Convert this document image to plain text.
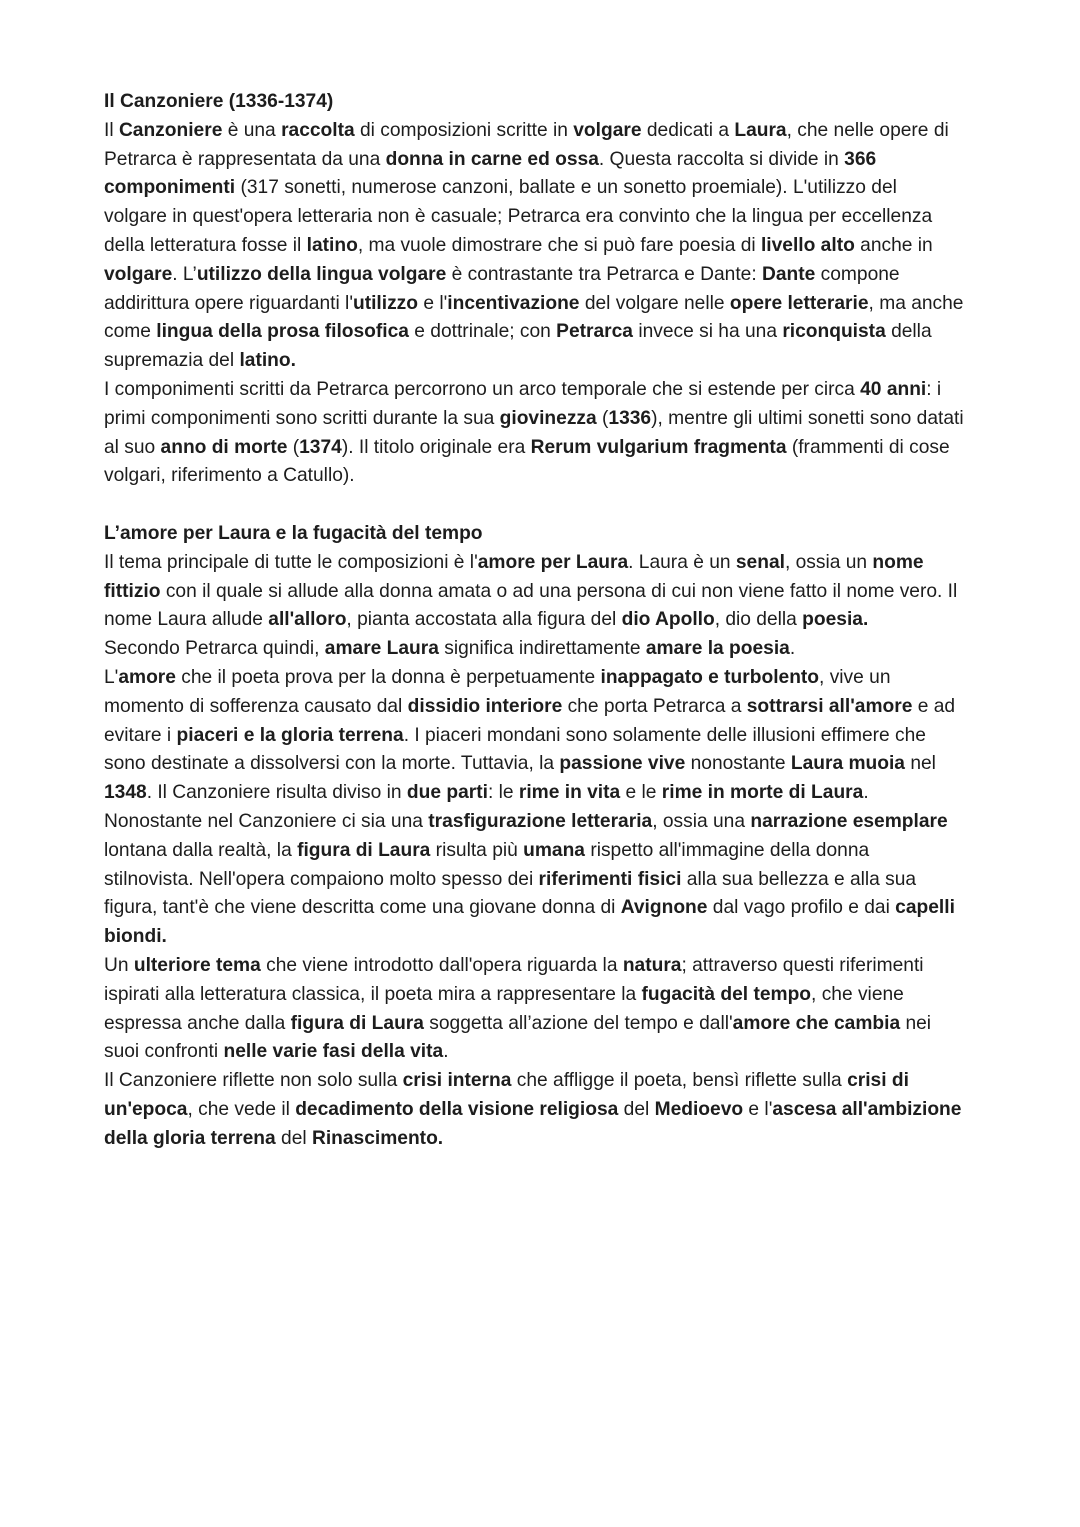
Il Canzoniere (1336-1374)

Il Canzoniere è una raccolta di composizioni scritte in volgare dedicati a Laura, che nelle opere di Petrarca è rappresentata da una donna in carne ed ossa. Questa raccolta si divide in 366 componimenti (317 sonetti, numerose canzoni, ballate e un sonetto proemiale). L'utilizzo del volgare in quest'opera letteraria non è casuale; Petrarca era convinto che la lingua per eccellenza della letteratura fosse il latino, ma vuole dimostrare che si può fare poesia di livello alto anche in volgare. L’utilizzo della lingua volgare è contrastante tra Petrarca e Dante: Dante compone addirittura opere riguardanti l'utilizzo e l'incentivazione del volgare nelle opere letterarie, ma anche come lingua della prosa filosofica e dottrinale; con Petrarca invece si ha una riconquista della supremazia del latino.

I componimenti scritti da Petrarca percorrono un arco temporale che si estende per circa 40 anni: i primi componimenti sono scritti durante la sua giovinezza (1336), mentre gli ultimi sonetti sono datati al suo anno di morte (1374). Il titolo originale era Rerum vulgarium fragmenta (frammenti di cose volgari, riferimento a Catullo).

L’amore per Laura e la fugacità del tempo

Il tema principale di tutte le composizioni è l'amore per Laura. Laura è un senal, ossia un nome fittizio con il quale si allude alla donna amata o ad una persona di cui non viene fatto il nome vero. Il nome Laura allude all'alloro, pianta accostata alla figura del dio Apollo, dio della poesia.

Secondo Petrarca quindi, amare Laura significa indirettamente amare la poesia.

L'amore che il poeta prova per la donna è perpetuamente inappagato e turbolento, vive un momento di sofferenza causato dal dissidio interiore che porta Petrarca a sottrarsi all'amore e ad evitare i piaceri e la gloria terrena. I piaceri mondani sono solamente delle illusioni effimere che sono destinate a dissolversi con la morte. Tuttavia, la passione vive nonostante Laura muoia nel 1348. Il Canzoniere risulta diviso in due parti: le rime in vita e le rime in morte di Laura. Nonostante nel Canzoniere ci sia una trasfigurazione letteraria, ossia una narrazione esemplare lontana dalla realtà, la figura di Laura risulta più umana rispetto all'immagine della donna stilnovista. Nell'opera compaiono molto spesso dei riferimenti fisici alla sua bellezza e alla sua figura, tant'è che viene descritta come una giovane donna di Avignone dal vago profilo e dai capelli biondi.

Un ulteriore tema che viene introdotto dall'opera riguarda la natura; attraverso questi riferimenti ispirati alla letteratura classica, il poeta mira a rappresentare la fugacità del tempo, che viene espressa anche dalla figura di Laura soggetta all’azione del tempo e dall'amore che cambia nei suoi confronti nelle varie fasi della vita.

Il Canzoniere riflette non solo sulla crisi interna che affligge il poeta, bensì riflette sulla crisi di un'epoca, che vede il decadimento della visione religiosa del Medioevo e l'ascesa all'ambizione della gloria terrena del Rinascimento.
